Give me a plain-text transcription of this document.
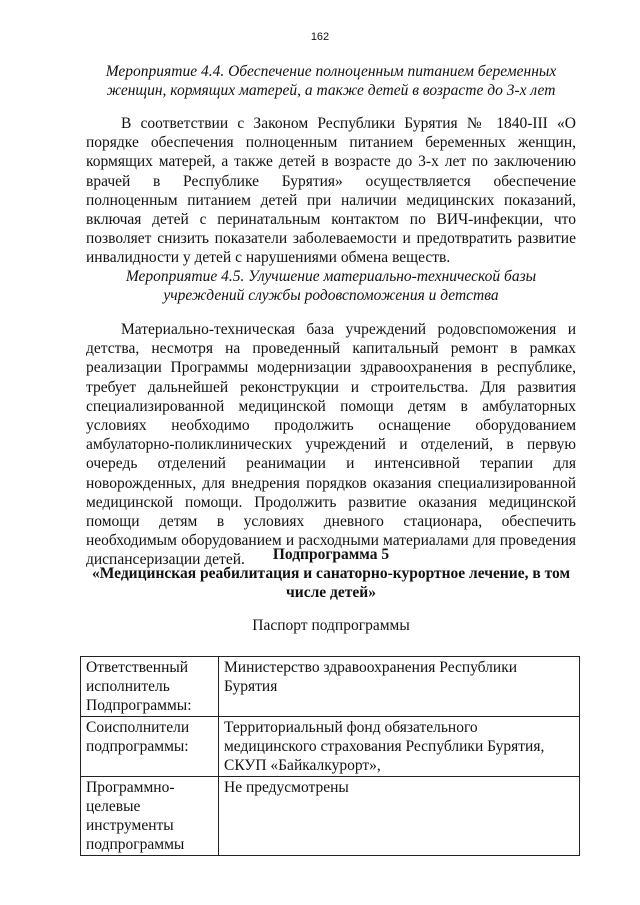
162
Мероприятие 4.4. Обеспечение полноценным питанием беременных женщин, кормящих матерей, а также детей в возрасте до 3-х лет

В соответствии с Законом Республики Бурятия № 1840-III «О порядке обеспечения полноценным питанием беременных женщин, кормящих матерей, а также детей в возрасте до 3-х лет по заключению врачей в Республике Бурятия» осуществляется обеспечение полноценным питанием детей при наличии медицинских показаний, включая детей с перинатальным контактом по ВИЧ-инфекции, что позволяет снизить показатели заболеваемости и предотвратить развитие инвалидности у детей с нарушениями обмена веществ.

Мероприятие 4.5. Улучшение материально-технической базы учреждений службы родовспоможения и детства

Материально-техническая база учреждений родовспоможения и детства, несмотря на проведенный капитальный ремонт в рамках реализации Программы модернизации здравоохранения в республике, требует дальнейшей реконструкции и строительства. Для развития специализированной медицинской помощи детям в амбулаторных условиях необходимо продолжить оснащение оборудованием амбулаторно-поликлинических учреждений и отделений, в первую очередь отделений реанимации и интенсивной терапии для новорожденных, для внедрения порядков оказания специализированной медицинской помощи. Продолжить развитие оказания медицинской помощи детям в условиях дневного стационара, обеспечить необходимым оборудованием и расходными материалами для проведения диспансеризации детей.	Подпрограмма 5
«Медицинская реабилитация и санаторно-курортное лечение, в том числе детей»
Паспорт подпрограммы
Ответственный исполнитель Подпрограммы:	Министерство здравоохранения Республики Бурятия
Соисполнители подпрограммы:	Территориальный фонд обязательного медицинского страхования Республики Бурятия, СКУП «Байкалкурорт»,
Программно-целевые инструменты подпрограммы	Не предусмотрены
